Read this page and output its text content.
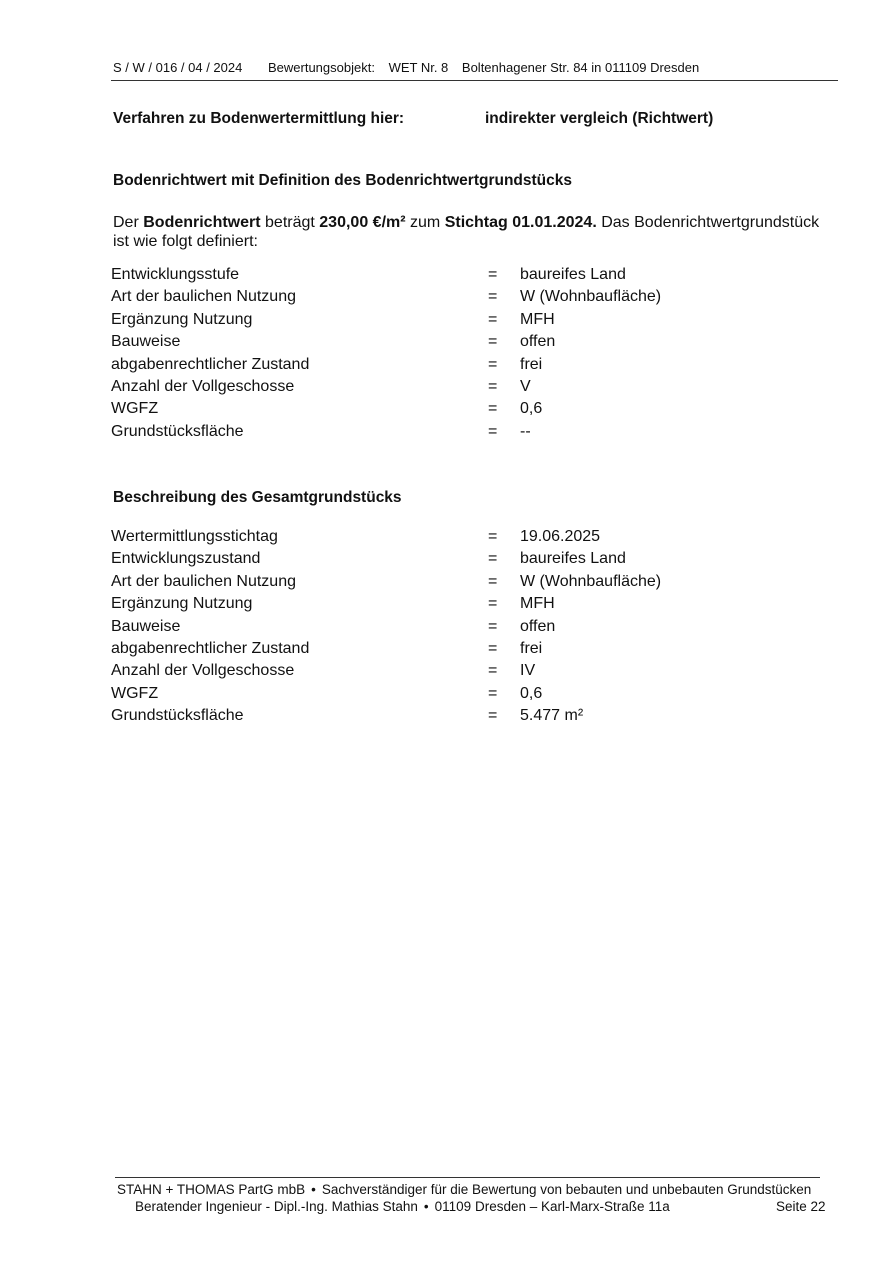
S / W / 016 / 04 / 2024 Bewertungsobjekt: WET Nr. 8 Boltenhagener Str. 84 in 011109 Dresden
Verfahren zu Bodenwertermittlung hier:	indirekter vergleich (Richtwert)
Bodenrichtwert mit Definition des Bodenrichtwertgrundstücks
Der Bodenrichtwert beträgt 230,00 €/m² zum Stichtag 01.01.2024. Das Bodenrichtwertgrundstück ist wie folgt definiert:
Entwicklungsstufe	= baureifes Land
Art der baulichen Nutzung	= W (Wohnbaufläche)
Ergänzung Nutzung	= MFH
Bauweise	= offen
abgabenrechtlicher Zustand	= frei
Anzahl der Vollgeschosse	= V
WGFZ	= 0,6
Grundstücksfläche	= --
Beschreibung des Gesamtgrundstücks
Wertermittlungsstichtag	= 19.06.2025
Entwicklungszustand	= baureifes Land
Art der baulichen Nutzung	= W (Wohnbaufläche)
Ergänzung Nutzung	= MFH
Bauweise	= offen
abgabenrechtlicher Zustand	= frei
Anzahl der Vollgeschosse	= IV
WGFZ	= 0,6
Grundstücksfläche	= 5.477 m²
STAHN + THOMAS PartG mbB • Sachverständiger für die Bewertung von bebauten und unbebauten Grundstücken
Beratender Ingenieur - Dipl.-Ing. Mathias Stahn • 01109 Dresden – Karl-Marx-Straße 11a	Seite 22
